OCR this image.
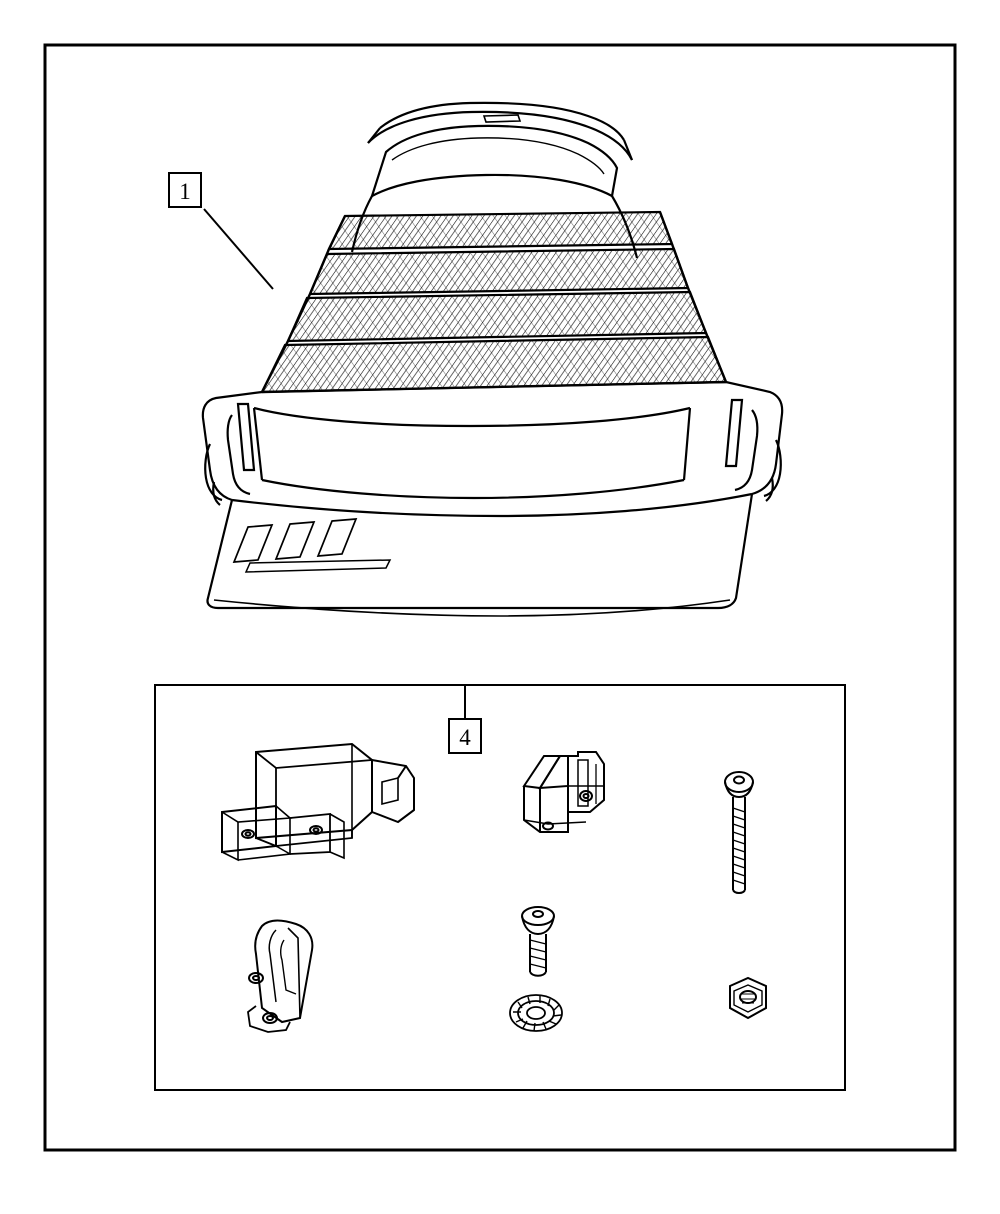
1
4
